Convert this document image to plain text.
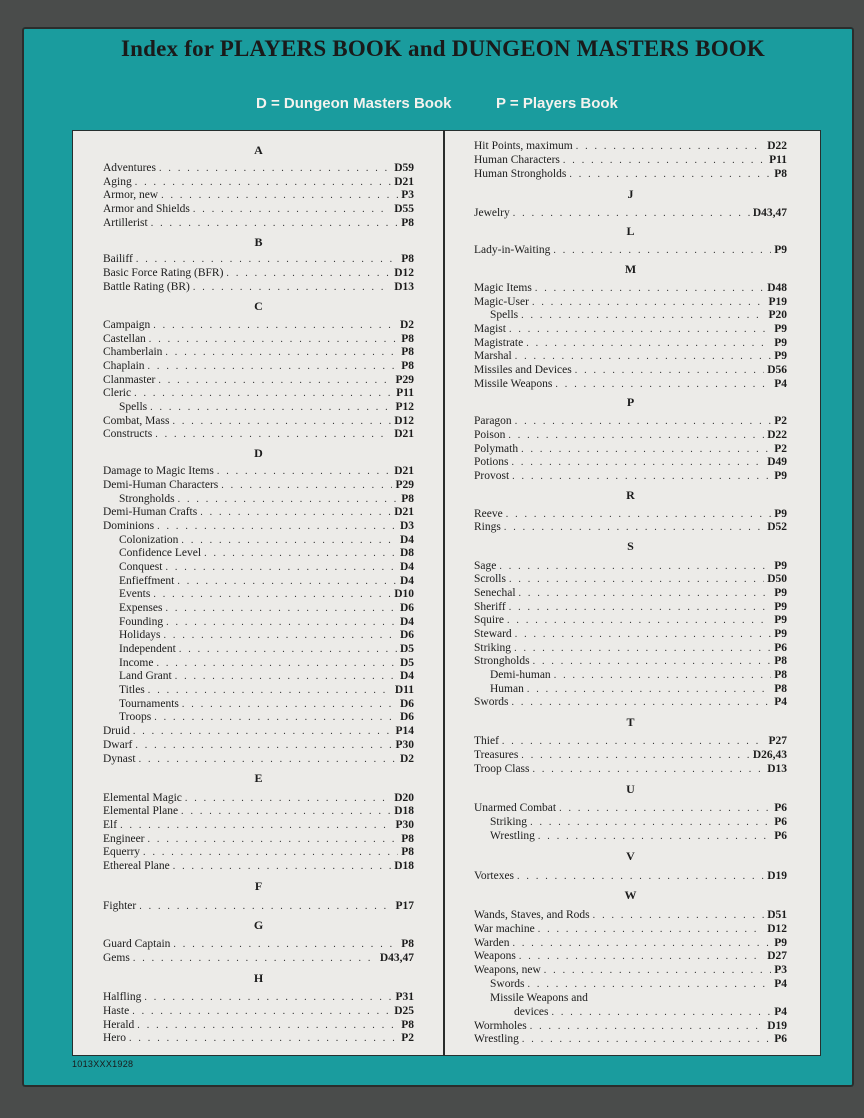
Index for PLAYERS BOOK and DUNGEON MASTERS BOOK
D = Dungeon Masters Book	P = Players Book
A
Adventures . . .	D59
Aging . . .	D21
Armor, new . . .	P3
Armor and Shields . . .	D55
Artillerist . . .	P8
B
Bailiff . . .	P8
Basic Force Rating (BFR) . . .	D12
Battle Rating (BR) . . .	D13
C
Campaign . . .	D2
Castellan . . .	P8
Chamberlain . . .	P8
Chaplain . . .	P8
Clanmaster . . .	P29
Cleric . . .	P11
Spells . . .	P12
Combat, Mass . . .	D12
Constructs . . .	D21
D
Damage to Magic Items . . .	D21
Demi-Human Characters . . .	P29
Strongholds . . .	P8
Demi-Human Crafts . . .	D21
Dominions . . .	D3
Colonization . . .	D4
Confidence Level . . .	D8
Conquest . . .	D4
Enfieffment . . .	D4
Events . . .	D10
Expenses . . .	D6
Founding . . .	D4
Holidays . . .	D6
Independent . . .	D5
Income . . .	D5
Land Grant . . .	D4
Titles . . .	D11
Tournaments . . .	D6
Troops . . .	D6
Druid . . .	P14
Dwarf . . .	P30
Dynast . . .	D2
E
Elemental Magic . . .	D20
Elemental Plane . . .	D18
Elf . . .	P30
Engineer . . .	P8
Equerry . . .	P8
Ethereal Plane . . .	D18
F
Fighter . . .	P17
G
Guard Captain . . .	P8
Gems . . .	D43,47
H
Halfling . . .	P31
Haste . . .	D25
Herald . . .	P8
Hero . . .	P2
Hit Points, maximum . . .	D22
Human Characters . . .	P11
Human Strongholds . . .	P8
J
Jewelry . . .	D43,47
L
Lady-in-Waiting . . .	P9
M
Magic Items . . .	D48
Magic-User . . .	P19
Spells . . .	P20
Magist . . .	P9
Magistrate . . .	P9
Marshal . . .	P9
Missiles and Devices . . .	D56
Missile Weapons . . .	P4
P
Paragon . . .	P2
Poison . . .	D22
Polymath . . .	P2
Potions . . .	D49
Provost . . .	P9
R
Reeve . . .	P9
Rings . . .	D52
S
Sage . . .	P9
Scrolls . . .	D50
Senechal . . .	P9
Sheriff . . .	P9
Squire . . .	P9
Steward . . .	P9
Striking . . .	P6
Strongholds . . .	P8
Demi-human . . .	P8
Human . . .	P8
Swords . . .	P4
T
Thief . . .	P27
Treasures . . .	D26,43
Troop Class . . .	D13
U
Unarmed Combat . . .	P6
Striking . . .	P6
Wrestling . . .	P6
V
Vortexes . . .	D19
W
Wands, Staves, and Rods . . .	D51
War machine . . .	D12
Warden . . .	P9
Weapons . . .	D27
Weapons, new . . .	P3
Swords . . .	P4
Missile Weapons and
devices . . .	P4
Wormholes . . .	D19
Wrestling . . .	P6
1013XXX1928
